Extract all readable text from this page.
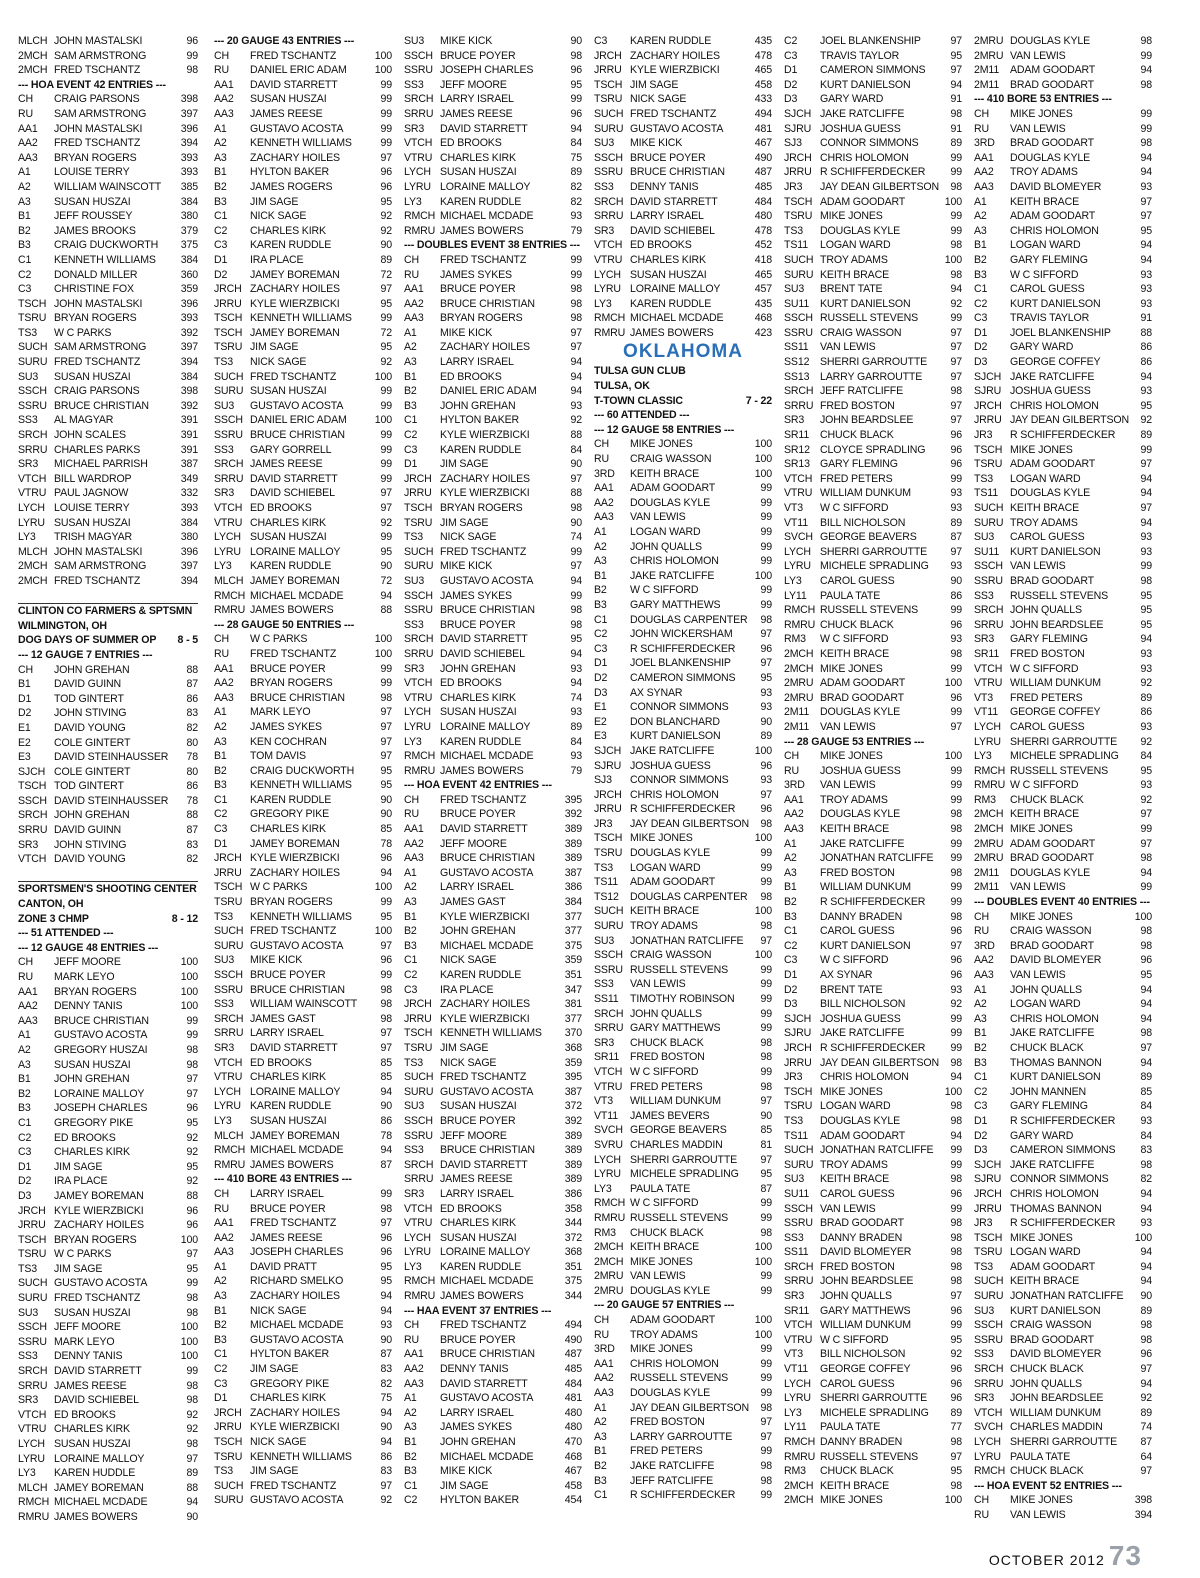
MLCH JOHN MASTALSKI	96
2MCH SAM ARMSTRONG	99
2MCH FRED TSCHANTZ	98
--- HOA EVENT 42 ENTRIES ---
CH	CRAIG PARSONS	398
RU	SAM ARMSTRONG	397
AA1	JOHN MASTALSKI	396
AA2	FRED TSCHANTZ	394
AA3	BRYAN ROGERS	393
A1	LOUISE TERRY	393
A2	WILLIAM WAINSCOTT	385
A3	SUSAN HUSZAI	384
B1	JEFF ROUSSEY	380
B2	JAMES BROOKS	379
B3	CRAIG DUCKWORTH	375
C1	KENNETH WILLIAMS	384
C2	DONALD MILLER	360
C3	CHRISTINE FOX	359
TSCH JOHN MASTALSKI	396
TSRU BRYAN ROGERS	393
TS3	W C PARKS	392
SUCH SAM ARMSTRONG	397
SURU FRED TSCHANTZ	394
SU3	SUSAN HUSZAI	384
SSCH CRAIG PARSONS	398
SSRU BRUCE CHRISTIAN	392
SS3	AL MAGYAR	391
SRCH JOHN SCALES	391
SRRU CHARLES PARKS	391
SR3	MICHAEL PARRISH	387
VTCH BILL WARDROP	349
VTRU PAUL JAGNOW	332
LYCH LOUISE TERRY	393
LYRU SUSAN HUSZAI	384
LY3	TRISH MAGYAR	380
MLCH JOHN MASTALSKI	396
2MCH SAM ARMSTRONG	397
2MCH FRED TSCHANTZ	394
CLINTON CO FARMERS & SPTSMN
WILMINGTON, OH
DOG DAYS OF SUMMER OP	8 - 5
--- 12 GAUGE 7 ENTRIES ---
CH	JOHN GREHAN	88
B1	DAVID GUINN	87
D1	TOD GINTERT	86
D2	JOHN STIVING	83
E1	DAVID YOUNG	82
E2	COLE GINTERT	80
E3	DAVID STEINHAUSSER	78
SJCH COLE GINTERT	80
TSCH TOD GINTERT	86
SSCH DAVID STEINHAUSSER	78
SRCH JOHN GREHAN	88
SRRU DAVID GUINN	87
SR3	JOHN STIVING	83
VTCH DAVID YOUNG	82
SPORTSMEN'S SHOOTING CENTER
CANTON, OH
ZONE 3 CHMP	8 - 12
--- 51 ATTENDED ---
--- 12 GAUGE 48 ENTRIES ---
CH	JEFF MOORE	100
RU	MARK LEYO	100
AA1	BRYAN ROGERS	100
AA2	DENNY TANIS	100
AA3	BRUCE CHRISTIAN	99
A1	GUSTAVO ACOSTA	99
A2	GREGORY HUSZAI	98
A3	SUSAN HUSZAI	98
B1	JOHN GREHAN	97
B2	LORAINE MALLOY	97
B3	JOSEPH CHARLES	96
C1	GREGORY PIKE	95
C2	ED BROOKS	92
C3	CHARLES KIRK	92
D1	JIM SAGE	95
D2	IRA PLACE	92
D3	JAMEY BOREMAN	88
JRCH KYLE WIERZBICKI	96
JRRU ZACHARY HOILES	96
TSCH BRYAN ROGERS	100
TSRU W C PARKS	97
TS3	JIM SAGE	95
SUCH GUSTAVO ACOSTA	99
SURU FRED TSCHANTZ	98
SU3	SUSAN HUSZAI	98
SSCH JEFF MOORE	100
SSRU MARK LEYO	100
SS3	DENNY TANIS	100
SRCH DAVID STARRETT	99
SRRU JAMES REESE	98
SR3	DAVID SCHIEBEL	98
VTCH ED BROOKS	92
VTRU CHARLES KIRK	92
LYCH SUSAN HUSZAI	98
LYRU LORAINE MALLOY	97
LY3	KAREN HUDDLE	89
MLCH JAMEY BOREMAN	88
RMCH MICHAEL MCDADE	94
RMRU JAMES BOWERS	90
--- 20 GAUGE 43 ENTRIES ---
CH	FRED TSCHANTZ	100
RU	DANIEL ERIC ADAM	100
AA1	DAVID STARRETT	99
AA2	SUSAN HUSZAI	99
AA3	JAMES REESE	99
A1	GUSTAVO ACOSTA	99
A2	KENNETH WILLIAMS	99
A3	ZACHARY HOILES	97
B1	HYLTON BAKER	96
B2	JAMES ROGERS	96
B3	JIM SAGE	95
C1	NICK SAGE	92
C2	CHARLES KIRK	92
C3	KAREN RUDDLE	90
D1	IRA PLACE	89
D2	JAMEY BOREMAN	72
JRCH ZACHARY HOILES	97
JRRU KYLE WIERZBICKI	95
TSCH KENNETH WILLIAMS	99
TSCH JAMEY BOREMAN	72
TSRU JIM SAGE	95
TS3	NICK SAGE	92
SUCH FRED TSCHANTZ	100
SURU SUSAN HUSZAI	99
SU3	GUSTAVO ACOSTA	99
SSCH DANIEL ERIC ADAM	100
SSRU BRUCE CHRISTIAN	99
SS3	GARY GORRELL	99
SRCH JAMES REESE	99
SRRU DAVID STARRETT	99
SR3	DAVID SCHIEBEL	97
VTCH ED BROOKS	97
VTRU CHARLES KIRK	92
LYCH SUSAN HUSZAI	99
LYRU LORAINE MALLOY	95
LY3	KAREN RUDDLE	90
MLCH JAMEY BOREMAN	72
RMCH MICHAEL MCDADE	94
RMRU JAMES BOWERS	88
--- 28 GAUGE 50 ENTRIES ---
CH	W C PARKS	100
RU	FRED TSCHANTZ	100
AA1	BRUCE POYER	99
AA2	BRYAN ROGERS	99
AA3	BRUCE CHRISTIAN	98
A1	MARK LEYO	97
A2	JAMES SYKES	97
A3	KEN COCHRAN	97
B1	TOM DAVIS	97
B2	CRAIG DUCKWORTH	95
B3	KENNETH WILLIAMS	95
C1	KAREN RUDDLE	90
C2	GREGORY PIKE	90
C3	CHARLES KIRK	85
D1	JAMEY BOREMAN	78
JRCH KYLE WIERZBICKI	96
JRRU ZACHARY HOILES	94
TSCH W C PARKS	100
TSRU BRYAN ROGERS	99
TS3	KENNETH WILLIAMS	95
SUCH FRED TSCHANTZ	100
SURU GUSTAVO ACOSTA	97
SU3	MIKE KICK	96
SSCH BRUCE POYER	99
SSRU BRUCE CHRISTIAN	98
SS3	WILLIAM WAINSCOTT	98
SRCH JAMES GAST	98
SRRU LARRY ISRAEL	97
SR3	DAVID STARRETT	97
VTCH ED BROOKS	85
VTRU CHARLES KIRK	85
LYCH LORAINE MALLOY	94
LYRU KAREN RUDDLE	90
LY3	SUSAN HUSZAI	86
MLCH JAMEY BOREMAN	78
RMCH MICHAEL MCDADE	94
RMRU JAMES BOWERS	87
--- 410 BORE 43 ENTRIES ---
CH	LARRY ISRAEL	99
RU	BRUCE POYER	98
AA1	FRED TSCHANTZ	97
AA2	JAMES REESE	96
AA3	JOSEPH CHARLES	96
A1	DAVID PRATT	95
A2	RICHARD SMELKO	95
A3	ZACHARY HOILES	94
B1	NICK SAGE	94
B2	MICHAEL MCDADE	93
B3	GUSTAVO ACOSTA	90
C1	HYLTON BAKER	87
C2	JIM SAGE	83
C3	GREGORY PIKE	82
D1	CHARLES KIRK	75
JRCH ZACHARY HOILES	94
JRRU KYLE WIERZBICKI	90
TSCH NICK SAGE	94
TSRU KENNETH WILLIAMS	86
TS3	JIM SAGE	83
SUCH FRED TSCHANTZ	97
SURU GUSTAVO ACOSTA	92
SU3	MIKE KICK	90
SSCH BRUCE POYER	98
SSRU JOSEPH CHARLES	96
SS3	JEFF MOORE	95
SRCH LARRY ISRAEL	99
SRRU JAMES REESE	96
SR3	DAVID STARRETT	94
VTCH ED BROOKS	84
VTRU CHARLES KIRK	75
LYCH SUSAN HUSZAI	89
LYRU LORAINE MALLOY	82
LY3	KAREN RUDDLE	82
RMCH MICHAEL MCDADE	93
RMRU JAMES BOWERS	79
--- DOUBLES EVENT 38 ENTRIES ---
CH	FRED TSCHANTZ	99
RU	JAMES SYKES	99
AA1	BRUCE POYER	98
AA2	BRUCE CHRISTIAN	98
AA3	BRYAN ROGERS	98
A1	MIKE KICK	97
A2	ZACHARY HOILES	97
A3	LARRY ISRAEL	94
B1	ED BROOKS	94
B2	DANIEL ERIC ADAM	94
B3	JOHN GREHAN	93
C1	HYLTON BAKER	92
C2	KYLE WIERZBICKI	88
C3	KAREN RUDDLE	84
D1	JIM SAGE	90
JRCH ZACHARY HOILES	97
JRRU KYLE WIERZBICKI	88
TSCH BRYAN ROGERS	98
TSRU JIM SAGE	90
TS3	NICK SAGE	74
SUCH FRED TSCHANTZ	99
SURU MIKE KICK	97
SU3	GUSTAVO ACOSTA	94
SSCH JAMES SYKES	99
SSRU BRUCE CHRISTIAN	98
SS3	BRUCE POYER	98
SRCH DAVID STARRETT	95
SRRU DAVID SCHIEBEL	94
SR3	JOHN GREHAN	93
VTCH ED BROOKS	94
VTRU CHARLES KIRK	74
LYCH SUSAN HUSZAI	93
LYRU LORAINE MALLOY	89
LY3	KAREN RUDDLE	84
RMCH MICHAEL MCDADE	93
RMRU JAMES BOWERS	79
--- HOA EVENT 42 ENTRIES ---
CH	FRED TSCHANTZ	395
RU	BRUCE POYER	392
AA1	DAVID STARRETT	389
AA2	JEFF MOORE	389
AA3	BRUCE CHRISTIAN	389
A1	GUSTAVO ACOSTA	387
A2	LARRY ISRAEL	386
A3	JAMES GAST	384
B1	KYLE WIERZBICKI	377
B2	JOHN GREHAN	377
B3	MICHAEL MCDADE	375
C1	NICK SAGE	359
C2	KAREN RUDDLE	351
C3	IRA PLACE	347
JRCH ZACHARY HOILES	381
JRRU KYLE WIERZBICKI	377
TSCH KENNETH WILLIAMS	370
TSRU JIM SAGE	368
TS3	NICK SAGE	359
SUCH FRED TSCHANTZ	395
SURU GUSTAVO ACOSTA	387
SU3	SUSAN HUSZAI	372
SSCH BRUCE POYER	392
SSRU JEFF MOORE	389
SS3	BRUCE CHRISTIAN	389
SRCH DAVID STARRETT	389
SRRU JAMES REESE	389
SR3	LARRY ISRAEL	386
VTCH ED BROOKS	358
VTRU CHARLES KIRK	344
LYCH SUSAN HUSZAI	372
LYRU LORAINE MALLOY	368
LY3	KAREN RUDDLE	351
RMCH MICHAEL MCDADE	375
RMRU JAMES BOWERS	344
--- HAA EVENT 37 ENTRIES ---
CH	FRED TSCHANTZ	494
RU	BRUCE POYER	490
AA1	BRUCE CHRISTIAN	487
AA2	DENNY TANIS	485
AA3	DAVID STARRETT	484
A1	GUSTAVO ACOSTA	481
A2	LARRY ISRAEL	480
A3	JAMES SYKES	480
B1	JOHN GREHAN	470
B2	MICHAEL MCDADE	468
B3	MIKE KICK	467
C1	JIM SAGE	458
C2	HYLTON BAKER	454
C3	KAREN RUDDLE	435
JRCH ZACHARY HOILES	478
JRRU KYLE WIERZBICKI	465
TSCH JIM SAGE	458
TSRU NICK SAGE	433
SUCH FRED TSCHANTZ	494
SURU GUSTAVO ACOSTA	481
SU3	MIKE KICK	467
SSCH BRUCE POYER	490
SSRU BRUCE CHRISTIAN	487
SS3	DENNY TANIS	485
SRCH DAVID STARRETT	484
SRRU LARRY ISRAEL	480
SR3	DAVID SCHIEBEL	478
VTCH ED BROOKS	452
VTRU CHARLES KIRK	418
LYCH SUSAN HUSZAI	465
LYRU LORAINE MALLOY	457
LY3	KAREN RUDDLE	435
RMCH MICHAEL MCDADE	468
RMRU JAMES BOWERS	423
OKLAHOMA
TULSA GUN CLUB
TULSA, OK
T-TOWN CLASSIC	7 - 22
--- 60 ATTENDED ---
--- 12 GAUGE 58 ENTRIES ---
CH	MIKE JONES	100
RU	CRAIG WASSON	100
3RD	KEITH BRACE	100
AA1	ADAM GOODART	99
AA2	DOUGLAS KYLE	99
AA3	VAN LEWIS	99
A1	LOGAN WARD	99
A2	JOHN QUALLS	99
A3	CHRIS HOLOMON	99
B1	JAKE RATCLIFFE	100
B2	W C SIFFORD	99
B3	GARY MATTHEWS	99
C1	DOUGLAS CARPENTER	98
C2	JOHN WICKERSHAM	97
C3	R SCHIFFERDECKER	96
D1	JOEL BLANKENSHIP	97
D2	CAMERON SIMMONS	95
D3	AX SYNAR	93
E1	CONNOR SIMMONS	93
E2	DON BLANCHARD	90
E3	KURT DANIELSON	89
SJCH JAKE RATCLIFFE	100
SJRU JOSHUA GUESS	96
SJ3	CONNOR SIMMONS	93
JRCH CHRIS HOLOMON	97
JRRU R SCHIFFERDECKER	96
JR3	JAY DEAN GILBERTSON	98
TSCH MIKE JONES	100
TSRU DOUGLAS KYLE	99
TS3	LOGAN WARD	99
TS11	ADAM GOODART	99
TS12	DOUGLAS CARPENTER	98
SUCH KEITH BRACE	100
SURU TROY ADAMS	98
SU3	JONATHAN RATCLIFFE	97
SSCH CRAIG WASSON	100
SSRU RUSSELL STEVENS	99
SS3	VAN LEWIS	99
SS11	TIMOTHY ROBINSON	99
SRCH JOHN QUALLS	99
SRRU GARY MATTHEWS	99
SR3	CHUCK BLACK	98
SR11	FRED BOSTON	98
VTCH W C SIFFORD	99
VTRU FRED PETERS	98
VT3	WILLIAM DUNKUM	97
VT11	JAMES BEVERS	90
SVCH GEORGE BEAVERS	85
SVRU CHARLES MADDIN	81
LYCH SHERRI GARROUTTE	97
LYRU MICHELE SPRADLING	95
LY3	PAULA TATE	87
RMCH W C SIFFORD	99
RMRU RUSSELL STEVENS	99
RM3	CHUCK BLACK	98
2MCH KEITH BRACE	100
2MCH MIKE JONES	100
2MRU VAN LEWIS	99
2MRU DOUGLAS KYLE	99
--- 20 GAUGE 57 ENTRIES ---
CH	ADAM GOODART	100
RU	TROY ADAMS	100
3RD	MIKE JONES	99
AA1	CHRIS HOLOMON	99
AA2	RUSSELL STEVENS	99
AA3	DOUGLAS KYLE	99
A1	JAY DEAN GILBERTSON	98
A2	FRED BOSTON	97
A3	LARRY GARROUTTE	97
B1	FRED PETERS	99
B2	JAKE RATCLIFFE	98
B3	JEFF RATCLIFFE	98
C1	R SCHIFFERDECKER	99
C2	JOEL BLANKENSHIP	97
C3	TRAVIS TAYLOR	95
D1	CAMERON SIMMONS	97
D2	KURT DANIELSON	94
D3	GARY WARD	91
SJCH JAKE RATCLIFFE	98
SJRU JOSHUA GUESS	91
SJ3	CONNOR SIMMONS	89
JRCH CHRIS HOLOMON	99
JRRU R SCHIFFERDECKER	99
JR3	JAY DEAN GILBERTSON	98
TSCH ADAM GOODART	100
TSRU MIKE JONES	99
TS3	DOUGLAS KYLE	99
TS11	LOGAN WARD	98
SUCH TROY ADAMS	100
SURU KEITH BRACE	98
SU3	BRENT TATE	94
SU11	KURT DANIELSON	92
SSCH RUSSELL STEVENS	99
SSRU CRAIG WASSON	97
SS11	VAN LEWIS	97
SS12	SHERRI GARROUTTE	97
SS13	LARRY GARROUTTE	97
SRCH JEFF RATCLIFFE	98
SRRU FRED BOSTON	97
SR3	JOHN BEARDSLEE	97
SR11	CHUCK BLACK	96
SR12 CLOYCE SPRADLING	96
SR13 GARY FLEMING	96
VTCH FRED PETERS	99
VTRU WILLIAM DUNKUM	93
VT3	W C SIFFORD	93
VT11	BILL NICHOLSON	89
SVCH GEORGE BEAVERS	87
LYCH SHERRI GARROUTTE	97
LYRU MICHELE SPRADLING	93
LY3	CAROL GUESS	90
LY11	PAULA TATE	86
RMCH RUSSELL STEVENS	99
RMRU CHUCK BLACK	96
RM3	W C SIFFORD	93
2MCH KEITH BRACE	98
2MCH MIKE JONES	99
2MRU ADAM GOODART	100
2MRU BRAD GOODART	96
2M11	DOUGLAS KYLE	99
2M11	VAN LEWIS	97
--- 28 GAUGE 53 ENTRIES ---
CH	MIKE JONES	100
RU	JOSHUA GUESS	99
3RD	VAN LEWIS	99
AA1	TROY ADAMS	99
AA2	DOUGLAS KYLE	98
AA3	KEITH BRACE	98
A1	JAKE RATCLIFFE	99
A2	JONATHAN RATCLIFFE	99
A3	FRED BOSTON	98
B1	WILLIAM DUNKUM	99
B2	R SCHIFFERDECKER	99
B3	DANNY BRADEN	98
C1	CAROL GUESS	96
C2	KURT DANIELSON	97
C3	W C SIFFORD	96
D1	AX SYNAR	96
D2	BRENT TATE	93
D3	BILL NICHOLSON	92
SJCH JOSHUA GUESS	99
SJRU JAKE RATCLIFFE	99
JRCH R SCHIFFERDECKER	99
JRRU JAY DEAN GILBERTSON	98
JR3	CHRIS HOLOMON	94
TSCH MIKE JONES	100
TSRU LOGAN WARD	98
TS3	DOUGLAS KYLE	98
TS11	ADAM GOODART	94
SUCH JONATHAN RATCLIFFE	99
SURU TROY ADAMS	99
SU3	KEITH BRACE	98
SU11	CAROL GUESS	96
SSCH VAN LEWIS	99
SSRU BRAD GOODART	98
SS3	DANNY BRADEN	98
SS11	DAVID BLOMEYER	98
SRCH FRED BOSTON	98
SRRU JOHN BEARDSLEE	98
SR3	JOHN QUALLS	97
SR11	GARY MATTHEWS	96
VTCH WILLIAM DUNKUM	99
VTRU W C SIFFORD	95
VT3	BILL NICHOLSON	92
VT11	GEORGE COFFEY	96
LYCH CAROL GUESS	96
LYRU SHERRI GARROUTTE	96
LY3	MICHELE SPRADLING	89
LY11	PAULA TATE	77
RMCH DANNY BRADEN	98
RMRU RUSSELL STEVENS	97
RM3	CHUCK BLACK	95
2MCH KEITH BRACE	98
2MCH MIKE JONES	100
2MRU DOUGLAS KYLE	98
2MRU VAN LEWIS	99
2M11	ADAM GOODART	94
2M11	BRAD GOODART	98
--- 410 BORE 53 ENTRIES ---
CH	MIKE JONES	99
RU	VAN LEWIS	99
3RD	BRAD GOODART	98
AA1	DOUGLAS KYLE	94
AA2	TROY ADAMS	94
AA3	DAVID BLOMEYER	93
A1	KEITH BRACE	97
A2	ADAM GOODART	97
A3	CHRIS HOLOMON	95
B1	LOGAN WARD	94
B2	GARY FLEMING	94
B3	W C SIFFORD	93
C1	CAROL GUESS	93
C2	KURT DANIELSON	93
C3	TRAVIS TAYLOR	91
D1	JOEL BLANKENSHIP	88
D2	GARY WARD	86
D3	GEORGE COFFEY	86
SJCH JAKE RATCLIFFE	94
SJRU JOSHUA GUESS	93
JRCH CHRIS HOLOMON	95
JRRU JAY DEAN GILBERTSON	92
JR3	R SCHIFFERDECKER	89
TSCH MIKE JONES	99
TSRU ADAM GOODART	97
TS3	LOGAN WARD	94
TS11	DOUGLAS KYLE	94
SUCH KEITH BRACE	97
SURU TROY ADAMS	94
SU3	CAROL GUESS	93
SU11	KURT DANIELSON	93
SSCH VAN LEWIS	99
SSRU BRAD GOODART	98
SS3	RUSSELL STEVENS	95
SRCH JOHN QUALLS	95
SRRU JOHN BEARDSLEE	95
SR3	GARY FLEMING	94
SR11	FRED BOSTON	93
VTCH W C SIFFORD	93
VTRU WILLIAM DUNKUM	92
VT3	FRED PETERS	89
VT11	GEORGE COFFEY	86
LYCH CAROL GUESS	93
LYRU SHERRI GARROUTTE	92
LY3	MICHELE SPRADLING	84
RMCH RUSSELL STEVENS	95
RMRU W C SIFFORD	93
RM3	CHUCK BLACK	92
2MCH KEITH BRACE	97
2MCH MIKE JONES	99
2MRU ADAM GOODART	97
2MRU BRAD GOODART	98
2M11	DOUGLAS KYLE	94
2M11	VAN LEWIS	99
--- DOUBLES EVENT 40 ENTRIES ---
CH	MIKE JONES	100
RU	CRAIG WASSON	98
3RD	BRAD GOODART	98
AA2	DAVID BLOMEYER	96
AA3	VAN LEWIS	95
A1	JOHN QUALLS	94
A2	LOGAN WARD	94
A3	CHRIS HOLOMON	94
B1	JAKE RATCLIFFE	98
B2	CHUCK BLACK	97
B3	THOMAS BANNON	94
C1	KURT DANIELSON	89
C2	JOHN MANNEN	85
C3	GARY FLEMING	84
D1	R SCHIFFERDECKER	93
D2	GARY WARD	84
D3	CAMERON SIMMONS	83
SJCH JAKE RATCLIFFE	98
SJRU CONNOR SIMMONS	82
JRCH CHRIS HOLOMON	94
JRRU THOMAS BANNON	94
JR3	R SCHIFFERDECKER	93
TSCH MIKE JONES	100
TSRU LOGAN WARD	94
TS3	ADAM GOODART	94
SUCH KEITH BRACE	94
SURU JONATHAN RATCLIFFE	90
SU3	KURT DANIELSON	89
SSCH CRAIG WASSON	98
SSRU BRAD GOODART	98
SS3	DAVID BLOMEYER	96
SRCH CHUCK BLACK	97
SRRU JOHN QUALLS	94
SR3	JOHN BEARDSLEE	92
VTCH WILLIAM DUNKUM	89
SVCH CHARLES MADDIN	74
LYCH SHERRI GARROUTTE	87
LYRU PAULA TATE	64
RMCH CHUCK BLACK	97
--- HOA EVENT 52 ENTRIES ---
CH	MIKE JONES	398
RU	VAN LEWIS	394
OCTOBER 2012 73
